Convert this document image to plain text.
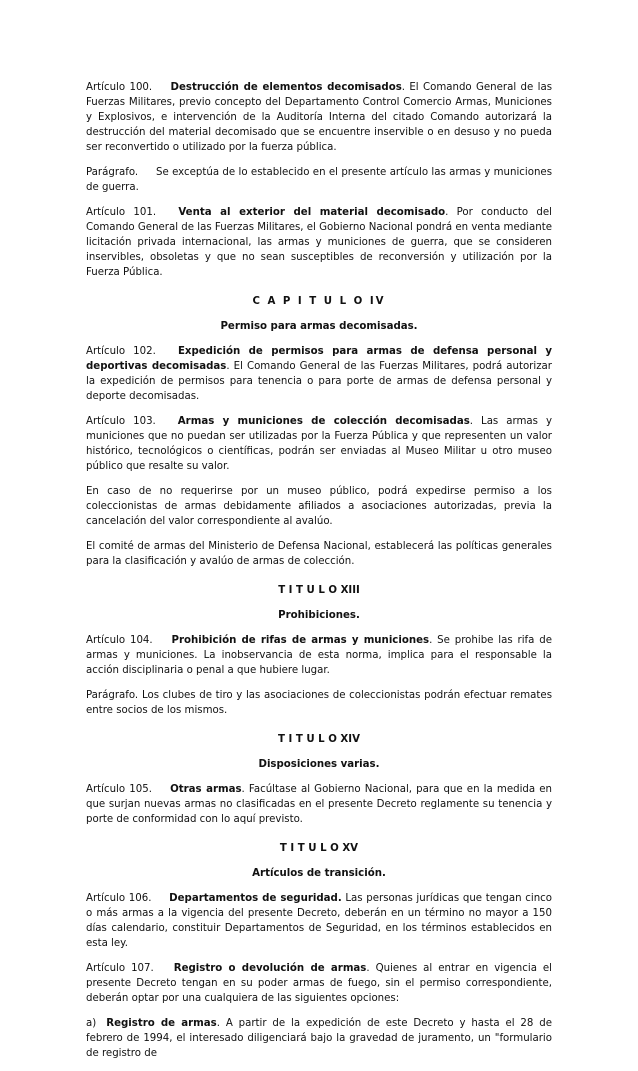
Artículo 100. Destrucción de elementos decomisados. El Comando General de las Fuerzas Militares, previo concepto del Departamento Control Comercio Armas, Municiones y Explosivos, e intervención de la Auditoría Interna del citado Comando autorizará la destrucción del material decomisado que se encuentre inservible o en desuso y no pueda ser reconvertido o utilizado por la fuerza pública.

Parágrafo. Se exceptúa de lo establecido en el presente artículo las armas y municiones de guerra.

Artículo 101. Venta al exterior del material decomisado. Por conducto del Comando General de las Fuerzas Militares, el Gobierno Nacional pondrá en venta mediante licitación privada internacional, las armas y municiones de guerra, que se consideren inservibles, obsoletas y que no sean susceptibles de reconversión y utilización por la Fuerza Pública.

C A P I T U L O IV
Permiso para armas decomisadas.

Artículo 102. Expedición de permisos para armas de defensa personal y deportivas decomisadas. El Comando General de las Fuerzas Militares, podrá autorizar la expedición de permisos para tenencia o para porte de armas de defensa personal y deporte decomisadas.

Artículo 103. Armas y municiones de colección decomisadas. Las armas y municiones que no puedan ser utilizadas por la Fuerza Pública y que representen un valor histórico, tecnológicos o científicas, podrán ser enviadas al Museo Militar u otro museo público que resalte su valor.

En caso de no requerirse por un museo público, podrá expedirse permiso a los coleccionistas de armas debidamente afiliados a asociaciones autorizadas, previa la cancelación del valor correspondiente al avalúo.

El comité de armas del Ministerio de Defensa Nacional, establecerá las políticas generales para la clasificación y avalúo de armas de colección.

T I T U L O XIII
Prohibiciones.

Artículo 104. Prohibición de rifas de armas y municiones. Se prohibe las rifa de armas y municiones. La inobservancia de esta norma, implica para el responsable la acción disciplinaria o penal a que hubiere lugar.

Parágrafo. Los clubes de tiro y las asociaciones de coleccionistas podrán efectuar remates entre socios de los mismos.

T I T U L O XIV
Disposiciones varias.

Artículo 105. Otras armas. Facúltase al Gobierno Nacional, para que en la medida en que surjan nuevas armas no clasificadas en el presente Decreto reglamente su tenencia y porte de conformidad con lo aquí previsto.

T I T U L O XV
Artículos de transición.

Artículo 106. Departamentos de seguridad. Las personas jurídicas que tengan cinco o más armas a la vigencia del presente Decreto, deberán en un término no mayor a 150 días calendario, constituir Departamentos de Seguridad, en los términos establecidos en esta ley.

Artículo 107. Registro o devolución de armas. Quienes al entrar en vigencia el presente Decreto tengan en su poder armas de fuego, sin el permiso correspondiente, deberán optar por una cualquiera de las siguientes opciones:

a) Registro de armas. A partir de la expedición de este Decreto y hasta el 28 de febrero de 1994, el interesado diligenciará bajo la gravedad de juramento, un "formulario de registro de
